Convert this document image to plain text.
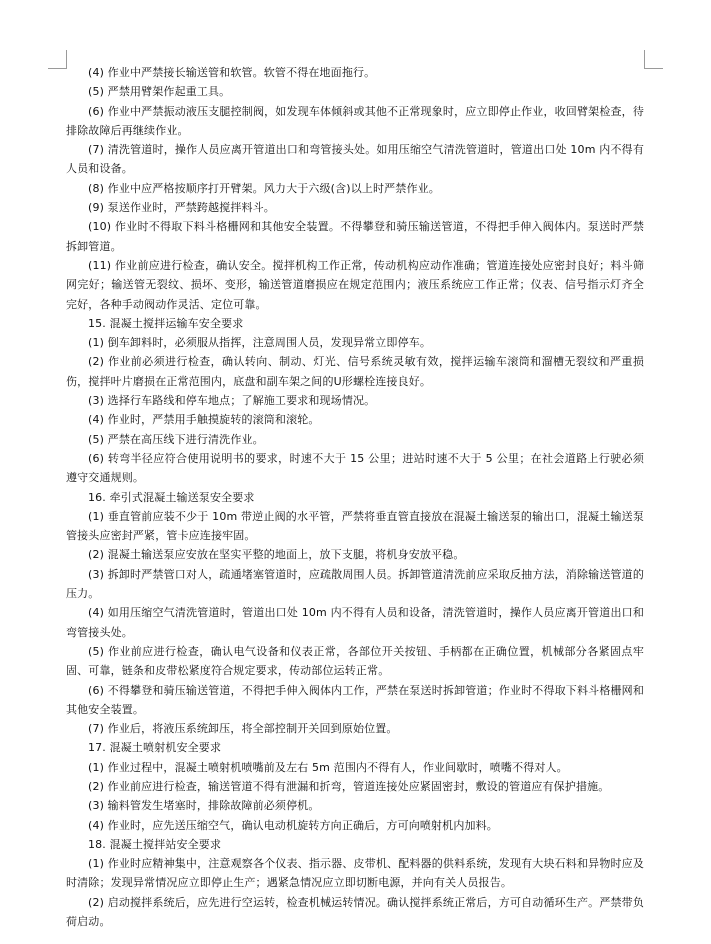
(4) 作业中严禁接长输送管和软管。软管不得在地面拖行。

(5) 严禁用臂架作起重工具。

(6) 作业中严禁振动液压支腿控制阀，如发现车体倾斜或其他不正常现象时，应立即停止作业，收回臂架检查，待排除故障后再继续作业。

(7) 清洗管道时，操作人员应离开管道出口和弯管接头处。如用压缩空气清洗管道时，管道出口处 10m 内不得有人员和设备。

(8) 作业中应严格按顺序打开臂架。风力大于六级(含)以上时严禁作业。

(9) 泵送作业时，严禁跨越搅拌料斗。

(10) 作业时不得取下料斗格栅网和其他安全装置。不得攀登和骑压输送管道，不得把手伸入阀体内。泵送时严禁拆卸管道。

(11) 作业前应进行检查，确认安全。搅拌机构工作正常，传动机构应动作准确；管道连接处应密封良好；料斗筛网完好；输送管无裂纹、损坏、变形，输送管道磨损应在规定范围内；液压系统应工作正常；仪表、信号指示灯齐全完好，各种手动阀动作灵活、定位可靠。

15. 混凝土搅拌运输车安全要求

(1) 倒车卸料时，必须服从指挥，注意周围人员，发现异常立即停车。

(2) 作业前必须进行检查，确认转向、制动、灯光、信号系统灵敏有效，搅拌运输车滚筒和溜槽无裂纹和严重损伤，搅拌叶片磨损在正常范围内，底盘和副车架之间的U形螺栓连接良好。

(3) 选择行车路线和停车地点；了解施工要求和现场情况。

(4) 作业时，严禁用手触摸旋转的滚筒和滚轮。

(5) 严禁在高压线下进行清洗作业。

(6) 转弯半径应符合使用说明书的要求，时速不大于 15 公里；进站时速不大于 5 公里；在社会道路上行驶必须遵守交通规则。

16. 牵引式混凝土输送泵安全要求

(1) 垂直管前应装不少于 10m 带逆止阀的水平管，严禁将垂直管直接放在混凝土输送泵的输出口，混凝土输送泵管接头应密封严紧，管卡应连接牢固。

(2) 混凝土输送泵应安放在坚实平整的地面上，放下支腿，将机身安放平稳。

(3) 拆卸时严禁管口对人，疏通堵塞管道时，应疏散周围人员。拆卸管道清洗前应采取反抽方法，消除输送管道的压力。

(4) 如用压缩空气清洗管道时，管道出口处 10m 内不得有人员和设备，清洗管道时，操作人员应离开管道出口和弯管接头处。

(5) 作业前应进行检查，确认电气设备和仪表正常，各部位开关按钮、手柄都在正确位置，机械部分各紧固点牢固、可靠，链条和皮带松紧度符合规定要求，传动部位运转正常。

(6) 不得攀登和骑压输送管道，不得把手伸入阀体内工作，严禁在泵送时拆卸管道；作业时不得取下料斗格栅网和其他安全装置。

(7) 作业后，将液压系统卸压，将全部控制开关回到原始位置。

17. 混凝土喷射机安全要求

(1) 作业过程中，混凝土喷射机喷嘴前及左右 5m 范围内不得有人，作业间歇时，喷嘴不得对人。

(2) 作业前应进行检查，输送管道不得有泄漏和折弯，管道连接处应紧固密封，敷设的管道应有保护措施。

(3) 输料管发生堵塞时，排除故障前必须停机。

(4) 作业时，应先送压缩空气，确认电动机旋转方向正确后，方可向喷射机内加料。

18. 混凝土搅拌站安全要求

(1) 作业时应精神集中，注意观察各个仪表、指示器、皮带机、配料器的供料系统，发现有大块石料和异物时应及时清除；发现异常情况应立即停止生产；遇紧急情况应立即切断电源，并向有关人员报告。

(2) 启动搅拌系统后，应先进行空运转，检查机械运转情况。确认搅拌系统正常后，方可自动循环生产。严禁带负荷启动。
